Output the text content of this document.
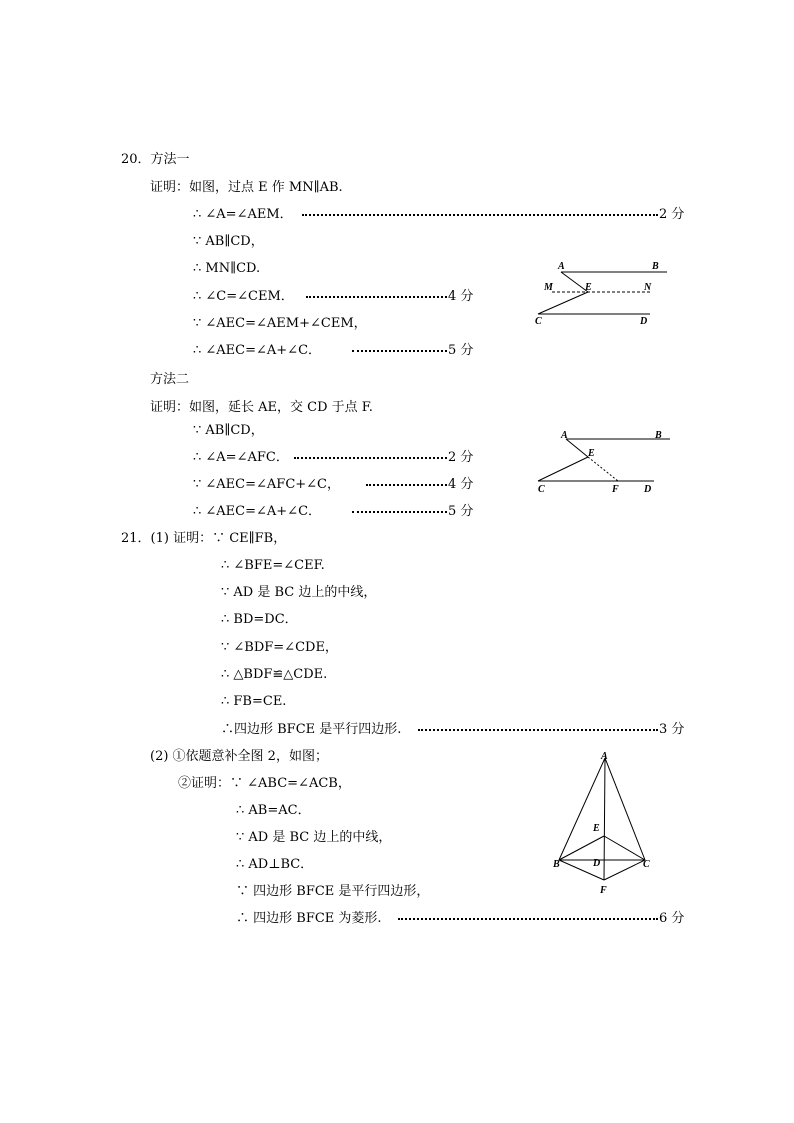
20．方法一
证明：如图，过点 E 作 MN∥AB.
∴ ∠A=∠AEM．	2 分
∵ AB∥CD，
∴ MN∥CD.
∴ ∠C=∠CEM．	4 分
∵ ∠AEC=∠AEM+∠CEM，
∴ ∠AEC=∠A+∠C．	5 分
A	B
M	E	N
C	D
方法二
证明：如图，延长 AE，交 CD 于点 F.
∵ AB∥CD，
∴ ∠A=∠AFC．	2 分
∵ ∠AEC=∠AFC+∠C，	4 分
∴ ∠AEC=∠A+∠C．	5 分
A	B
E
C	F	D
21．(1) 证明：∵ CE∥FB，
∴ ∠BFE=∠CEF.
∵ AD 是 BC 边上的中线，
∴ BD=DC．
∵ ∠BDF=∠CDE，
∴ △BDF≌△CDE.
∴ FB=CE.
∴四边形 BFCE 是平行四边形.	3 分
(2) ①依题意补全图 2，如图；
②证明：∵ ∠ABC=∠ACB，
∴ AB=AC．
∵ AD 是 BC 边上的中线，
∴ AD⊥BC．
∵ 四边形 BFCE 是平行四边形，
∴ 四边形 BFCE 为菱形.	6 分
A
E
B	D	C
F
